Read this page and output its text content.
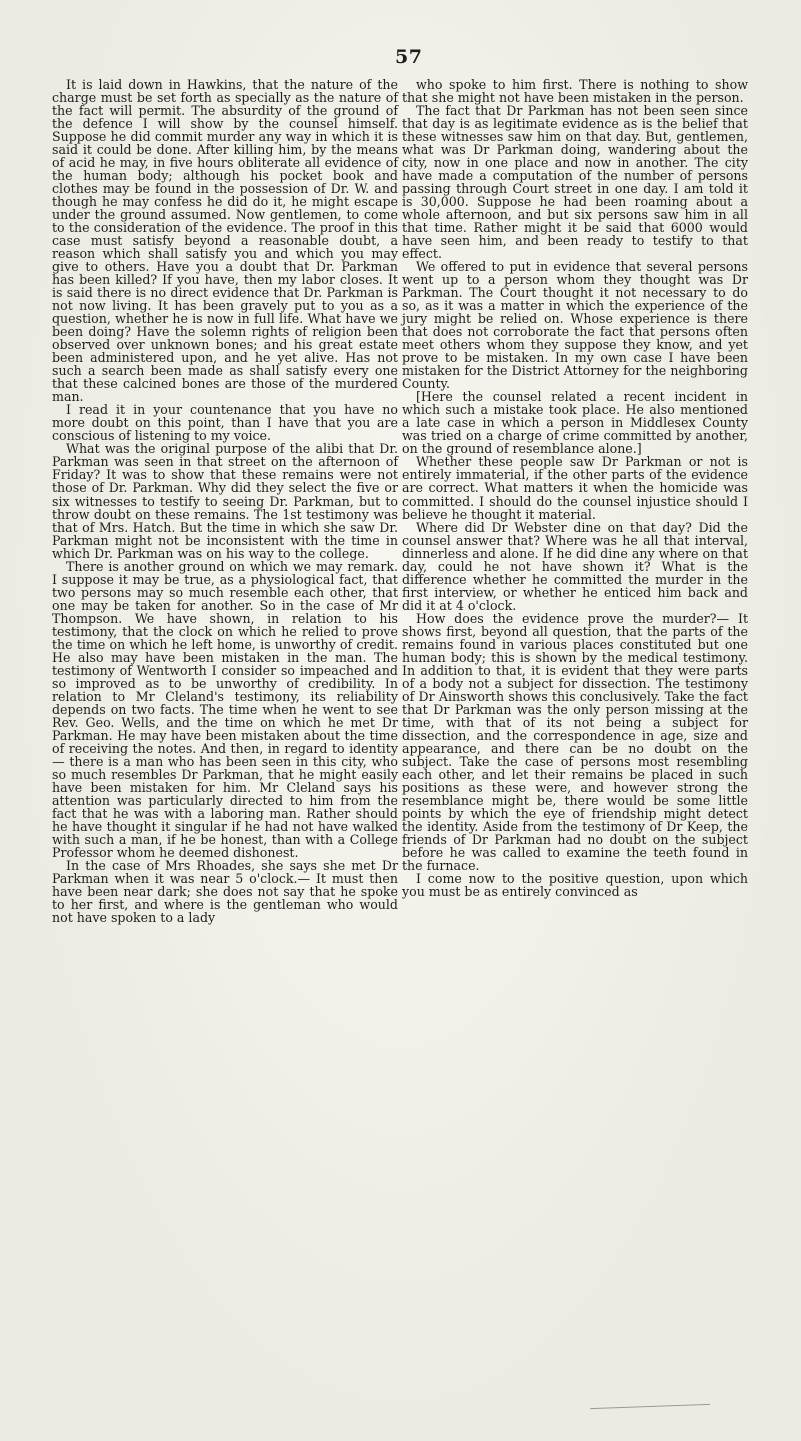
57

It is laid down in Hawkins, that the nature of the charge must be set forth as specially as the nature of the fact will permit. The absurdity of the ground of the defence I will show by the counsel himself. Suppose he did commit murder any way in which it is said it could be done. After killing him, by the means of acid he may, in five hours obliterate all evidence of the human body; although his pocket book and clothes may be found in the possession of Dr. W. and though he may confess he did do it, he might escape under the ground assumed. Now gentlemen, to come to the consideration of the evidence. The proof in this case must satisfy beyond a reasonable doubt, a reason which shall satisfy you and which you may give to others. Have you a doubt that Dr. Parkman has been killed? If you have, then my labor closes. It is said there is no direct evidence that Dr. Parkman is not now living. It has been gravely put to you as a question, whether he is now in full life. What have we been doing? Have the solemn rights of religion been observed over unknown bones; and his great estate been administered upon, and he yet alive. Has not such a search been made as shall satisfy every one that these calcined bones are those of the murdered man.

I read it in your countenance that you have no more doubt on this point, than I have that you are conscious of listening to my voice.

What was the original purpose of the alibi that Dr. Parkman was seen in that street on the afternoon of Friday? It was to show that these remains were not those of Dr. Parkman. Why did they select the five or six witnesses to testify to seeing Dr. Parkman, but to throw doubt on these remains. The 1st testimony was that of Mrs. Hatch. But the time in which she saw Dr. Parkman might not be inconsistent with the time in which Dr. Parkman was on his way to the college.

There is another ground on which we may remark. I suppose it may be true, as a physiological fact, that two persons may so much resemble each other, that one may be taken for another. So in the case of Mr Thompson. We have shown, in relation to his testimony, that the clock on which he relied to prove the time on which he left home, is unworthy of credit. He also may have been mistaken in the man. The testimony of Wentworth I consider so impeached and so improved as to be unworthy of credibility. In relation to Mr Cleland's testimony, its reliability depends on two facts. The time when he went to see Rev. Geo. Wells, and the time on which he met Dr Parkman. He may have been mistaken about the time of receiving the notes. And then, in regard to identity— there is a man who has been seen in this city, who so much resembles Dr Parkman, that he might easily have been mistaken for him. Mr Cleland says his attention was particularly directed to him from the fact that he was with a laboring man. Rather should he have thought it singular if he had not have walked with such a man, if he be honest, than with a College Professor whom he deemed dishonest.

In the case of Mrs Rhoades, she says she met Dr Parkman when it was near 5 o'clock.— It must then have been near dark; she does not say that he spoke to her first, and where is the gentleman who would not have spoken to a lady

who spoke to him first. There is nothing to show that she might not have been mistaken in the person.

The fact that Dr Parkman has not been seen since that day is as legitimate evidence as is the belief that these witnesses saw him on that day. But, gentlemen, what was Dr Parkman doing, wandering about the city, now in one place and now in another. The city have made a computation of the number of persons passing through Court street in one day. I am told it is 30,000. Suppose he had been roaming about a whole afternoon, and but six persons saw him in all that time. Rather might it be said that 6000 would have seen him, and been ready to testify to that effect.

We offered to put in evidence that several persons went up to a person whom they thought was Dr Parkman. The Court thought it not necessary to do so, as it was a matter in which the experience of the jury might be relied on. Whose experience is there that does not corroborate the fact that persons often meet others whom they suppose they know, and yet prove to be mistaken. In my own case I have been mistaken for the District Attorney for the neighboring County.

[Here the counsel related a recent incident in which such a mistake took place. He also mentioned a late case in which a person in Middlesex County was tried on a charge of crime committed by another, on the ground of resemblance alone.]

Whether these people saw Dr Parkman or not is entirely immaterial, if the other parts of the evidence are correct. What matters it when the homicide was committed. I should do the counsel injustice should I believe he thought it material.

Where did Dr Webster dine on that day? Did the counsel answer that? Where was he all that interval, dinnerless and alone. If he did dine any where on that day, could he not have shown it? What is the difference whether he committed the murder in the first interview, or whether he enticed him back and did it at 4 o'clock.

How does the evidence prove the murder?— It shows first, beyond all question, that the parts of the remains found in various places constituted but one human body; this is shown by the medical testimony. In addition to that, it is evident that they were parts of a body not a subject for dissection. The testimony of Dr Ainsworth shows this conclusively. Take the fact that Dr Parkman was the only person missing at the time, with that of its not being a subject for dissection, and the correspondence in age, size and appearance, and there can be no doubt on the subject. Take the case of persons most resembling each other, and let their remains be placed in such positions as these were, and however strong the resemblance might be, there would be some little points by which the eye of friendship might detect the identity. Aside from the testimony of Dr Keep, the friends of Dr Parkman had no doubt on the subject before he was called to examine the teeth found in the furnace.

I come now to the positive question, upon which you must be as entirely convinced as
